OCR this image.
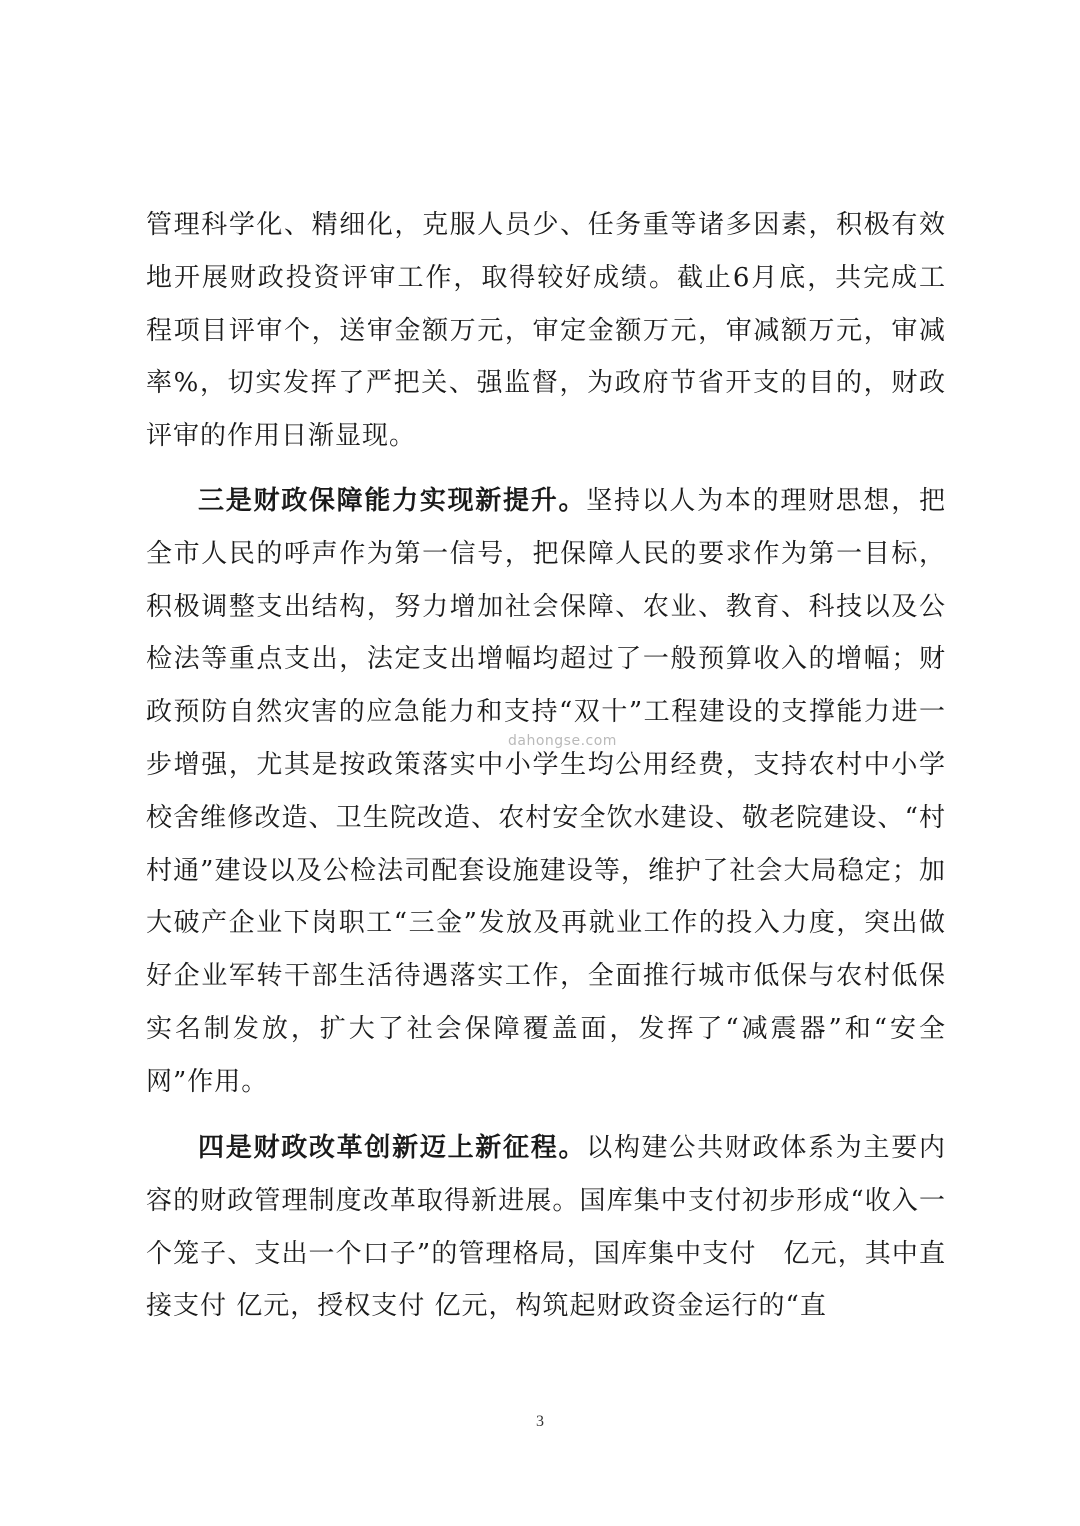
管理科学化、精细化，克服人员少、任务重等诸多因素，积极有效地开展财政投资评审工作，取得较好成绩。截止6月底，共完成工程项目评审个，送审金额万元，审定金额万元，审减额万元，审减率%，切实发挥了严把关、强监督，为政府节省开支的目的，财政评审的作用日渐显现。

三是财政保障能力实现新提升。坚持以人为本的理财思想，把全市人民的呼声作为第一信号，把保障人民的要求作为第一目标，积极调整支出结构，努力增加社会保障、农业、教育、科技以及公检法等重点支出，法定支出增幅均超过了一般预算收入的增幅；财政预防自然灾害的应急能力和支持“双十”工程建设的支撑能力进一步增强，尤其是按政策落实中小学生均公用经费，支持农村中小学校舍维修改造、卫生院改造、农村安全饮水建设、敬老院建设、“村村通”建设以及公检法司配套设施建设等，维护了社会大局稳定；加大破产企业下岗职工“三金”发放及再就业工作的投入力度，突出做好企业军转干部生活待遇落实工作，全面推行城市低保与农村低保实名制发放，扩大了社会保障覆盖面，发挥了“减震器”和“安全网”作用。

四是财政改革创新迈上新征程。以构建公共财政体系为主要内容的财政管理制度改革取得新进展。国库集中支付初步形成“收入一个笼子、支出一个口子”的管理格局，国库集中支付　亿元，其中直接支付 亿元，授权支付 亿元，构筑起财政资金运行的“直

dahongse.com
3
